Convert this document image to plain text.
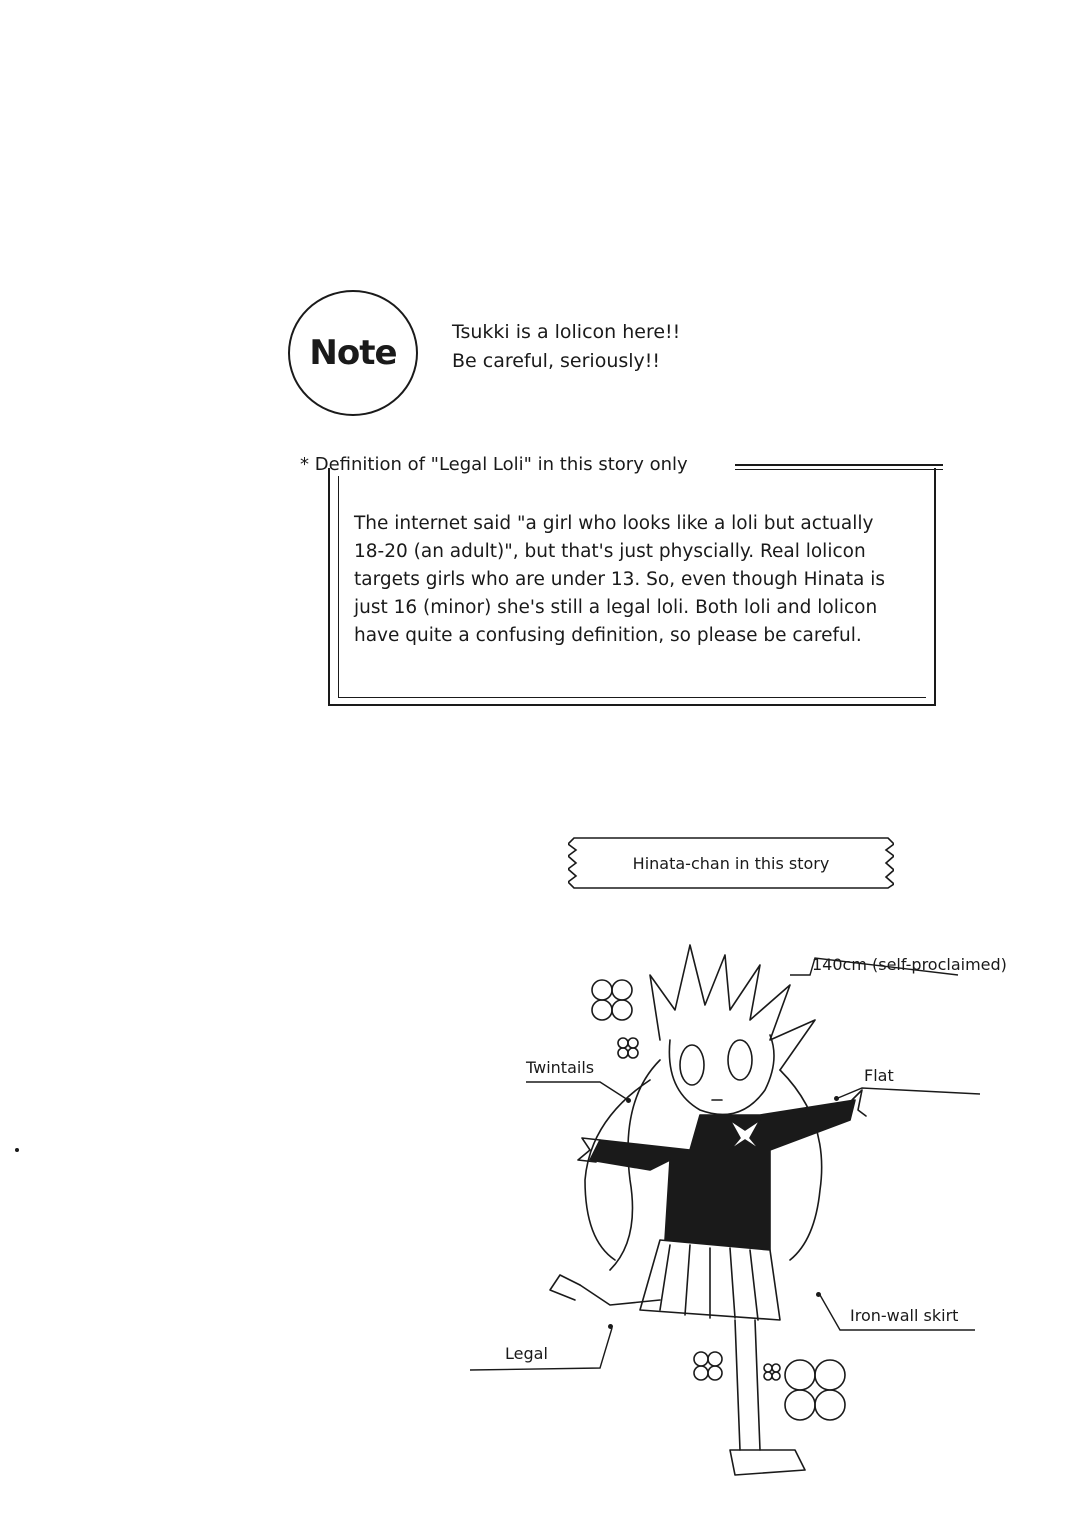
Note
Tsukki is a lolicon here!!
Be careful, seriously!!
* Definition of "Legal Loli" in this story only
The internet said "a girl who looks like a loli but actually
18-20 (an adult)", but that's just physcially. Real lolicon
targets girls who are under 13. So, even though Hinata is
just 16 (minor) she's still a legal loli. Both loli and lolicon
have quite a confusing definition, so please be careful.
Hinata-chan in this story
140cm (self-proclaimed)
Twintails	Flat
Iron-wall skirt
Legal
